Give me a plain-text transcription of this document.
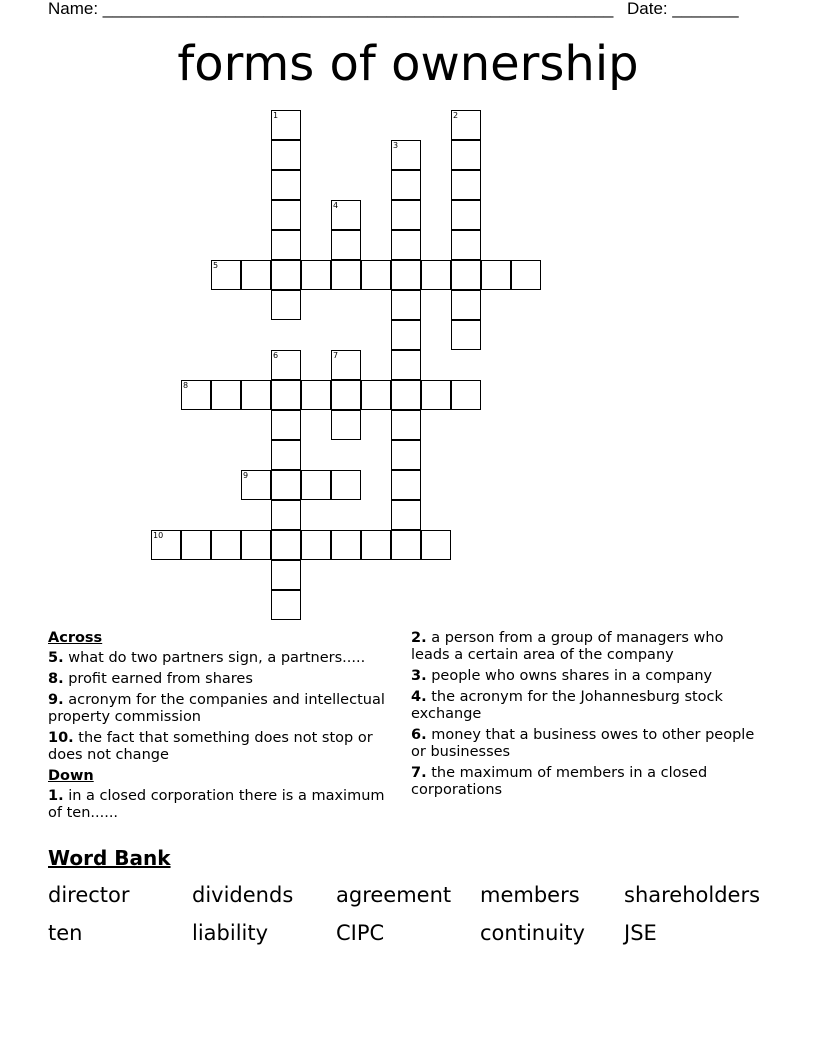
Name: ______________________________________________________ Date: _______
forms of ownership
5
8
9
10
1	2
3
4
6	7
Across
5. what do two partners sign, a partners.....
8. profit earned from shares
9. acronym for the companies and intellectual property commission
10. the fact that something does not stop or does not change
Down
1. in a closed corporation there is a maximum of ten......
2. a person from a group of managers who leads a certain area of the company
3. people who owns shares in a company
4. the acronym for the Johannesburg stock exchange
6. money that a business owes to other people or businesses
7. the maximum of members in a closed corporations
Word Bank
director	dividends agreement members shareholders
ten	liability	CIPC	continuity JSE
